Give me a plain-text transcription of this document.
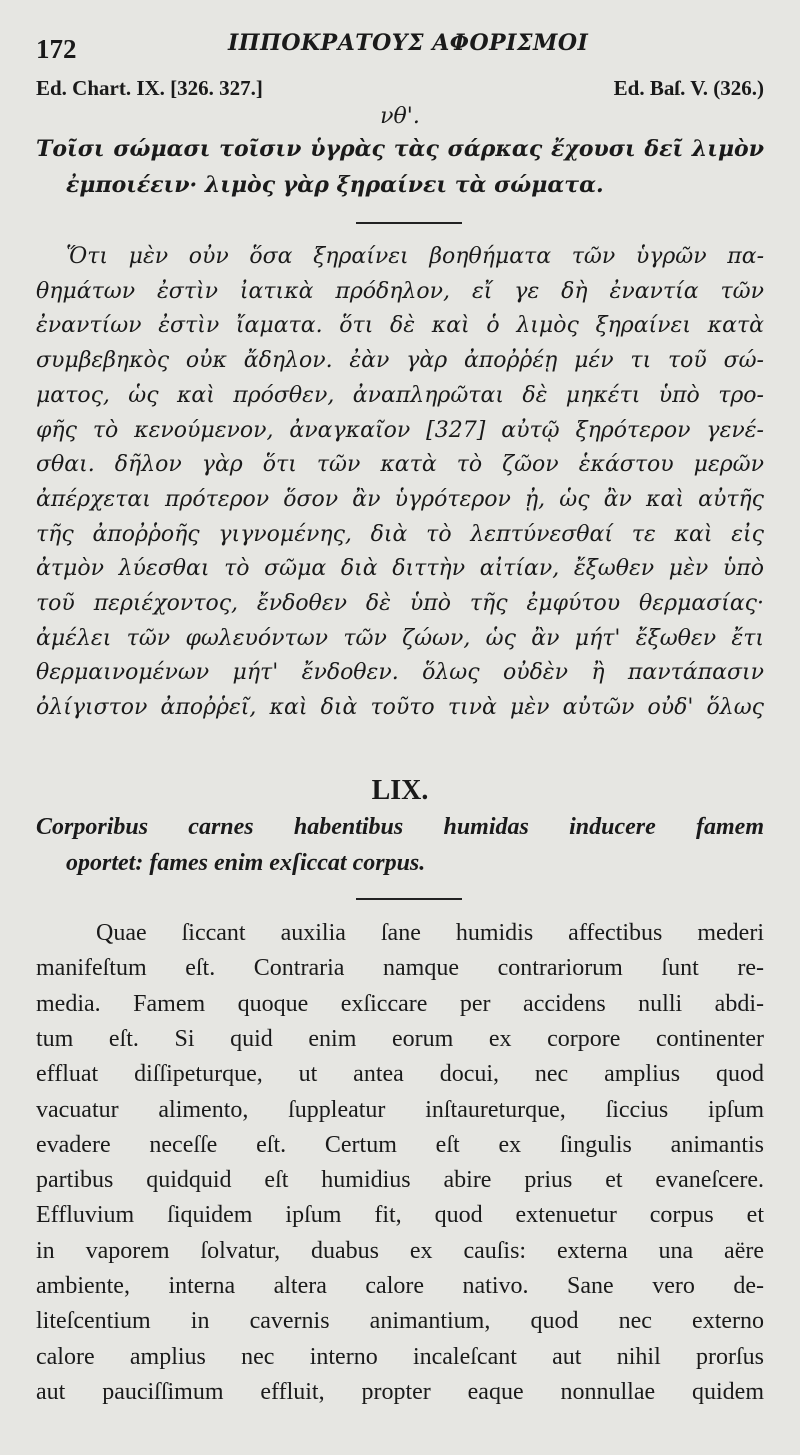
172	ΙΠΠΟΚΡΑΤΟΥΣ ΑΦΟΡΙΣΜΟΙ
Ed. Chart. IX. [326. 327.]	Ed. Baſ. V. (326.)
νθ'.
Τοῖσι σώμασι τοῖσιν ὑγρὰς τὰς σάρκας ἔχουσι δεῖ λιμὸν
ἐμποιέειν· λιμὸς γὰρ ξηραίνει τὰ σώματα.
Ὅτι μὲν οὖν ὅσα ξηραίνει βοηθήματα τῶν ὑγρῶν πα-
θημάτων ἐστὶν ἰατικὰ πρόδηλον, εἴ γε δὴ ἐναντία τῶν
ἐναντίων ἐστὶν ἴαματα. ὅτι δὲ καὶ ὁ λιμὸς ξηραίνει κατὰ
συμβεβηκὸς οὐκ ἄδηλον. ἐὰν γὰρ ἀποῤῥέῃ μέν τι τοῦ σώ-
ματος, ὡς καὶ πρόσθεν, ἀναπληρῶται δὲ μηκέτι ὑπὸ τρο-
φῆς τὸ κενούμενον, ἀναγκαῖον [327] αὐτῷ ξηρότερον γενέ-
σθαι. δῆλον γὰρ ὅτι τῶν κατὰ τὸ ζῶον ἑκάστου μερῶν
ἀπέρχεται πρότερον ὅσον ἂν ὑγρότερον ᾖ, ὡς ἂν καὶ αὐτῆς
τῆς ἀποῤῥοῆς γιγνομένης, διὰ τὸ λεπτύνεσθαί τε καὶ εἰς
ἀτμὸν λύεσθαι τὸ σῶμα διὰ διττὴν αἰτίαν, ἔξωθεν μὲν ὑπὸ
τοῦ περιέχοντος, ἔνδοθεν δὲ ὑπὸ τῆς ἐμφύτου θερμασίας·
ἀμέλει τῶν φωλευόντων τῶν ζώων, ὡς ἂν μήτ' ἔξωθεν ἔτι
θερμαινομένων μήτ' ἔνδοθεν. ὅλως οὐδὲν ἢ παντάπασιν
ὀλίγιστον ἀποῤῥεῖ, καὶ διὰ τοῦτο τινὰ μὲν αὐτῶν οὐδ' ὅλως
LIX.
Corporibus carnes habentibus humidas inducere famem
oportet: fames enim exſiccat corpus.
Quae ſiccant auxilia ſane humidis affectibus mederi
manifeſtum eſt. Contraria namque contrariorum ſunt re-
media. Famem quoque exſiccare per accidens nulli abdi-
tum eſt. Si quid enim eorum ex corpore continenter
effluat diſſipeturque, ut antea docui, nec amplius quod
vacuatur alimento, ſuppleatur inſtaureturque, ſiccius ipſum
evadere neceſſe eſt. Certum eſt ex ſingulis animantis
partibus quidquid eſt humidius abire prius et evaneſcere.
Effluvium ſiquidem ipſum fit, quod extenuetur corpus et
in vaporem ſolvatur, duabus ex cauſis: externa una aëre
ambiente, interna altera calore nativo. Sane vero de-
liteſcentium in cavernis animantium, quod nec externo
calore amplius nec interno incaleſcant aut nihil prorſus
aut pauciſſimum effluit, propter eaque nonnullae quidem
